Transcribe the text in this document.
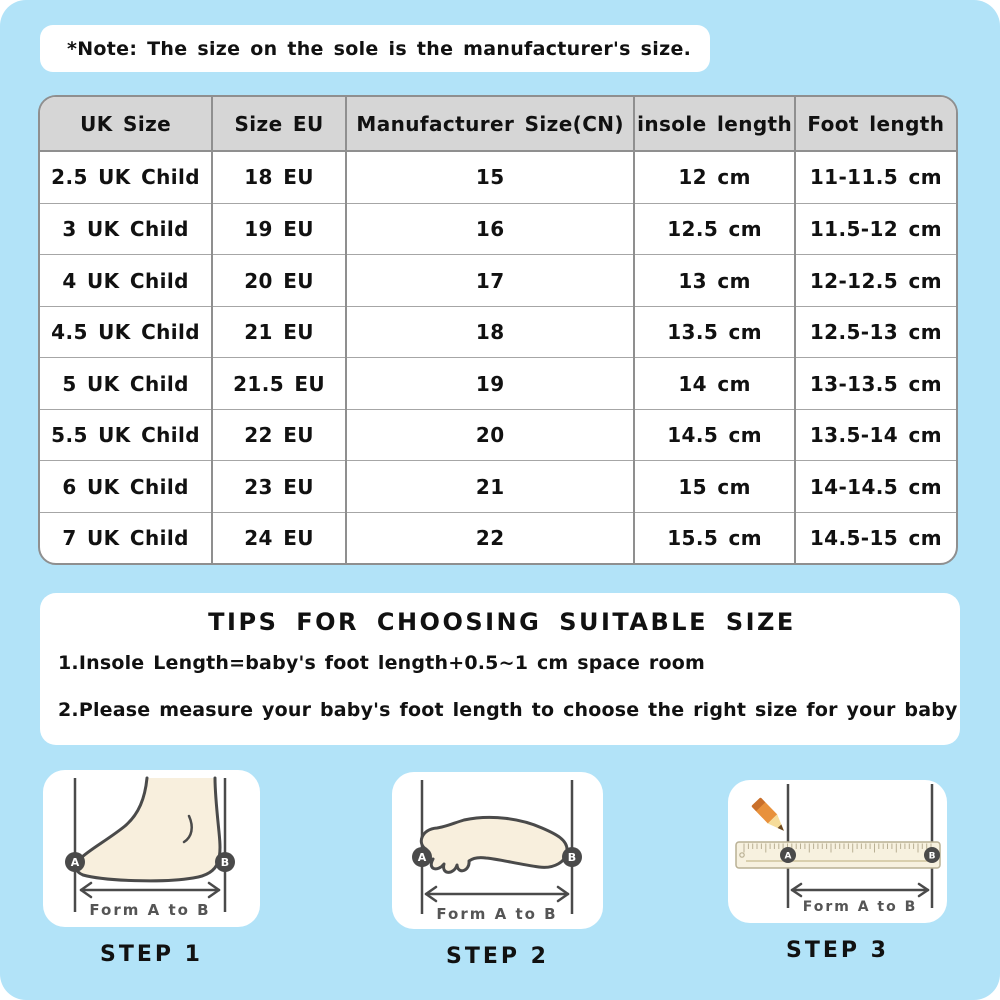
*Note: The size on the sole is the manufacturer's size.
UK Size	Size EU	Manufacturer Size(CN)	insole length	Foot length
2.5 UK Child	18 EU	15	12 cm	11-11.5 cm
3 UK Child	19 EU	16	12.5 cm	11.5-12 cm
4 UK Child	20 EU	17	13 cm	12-12.5 cm
4.5 UK Child	21 EU	18	13.5 cm	12.5-13 cm
5 UK Child	21.5 EU	19	14 cm	13-13.5 cm
5.5 UK Child	22 EU	20	14.5 cm	13.5-14 cm
6 UK Child	23 EU	21	15 cm	14-14.5 cm
7 UK Child	24 EU	22	15.5 cm	14.5-15 cm
TIPS FOR CHOOSING SUITABLE SIZE
1.Insole Length=baby's foot length+0.5~1 cm space room
2.Please measure your baby's foot length to choose the right size for your baby
A	B
Form A to B
STEP 1
A	B
Form A to B
STEP 2
A	B
Form A to B
STEP 3
